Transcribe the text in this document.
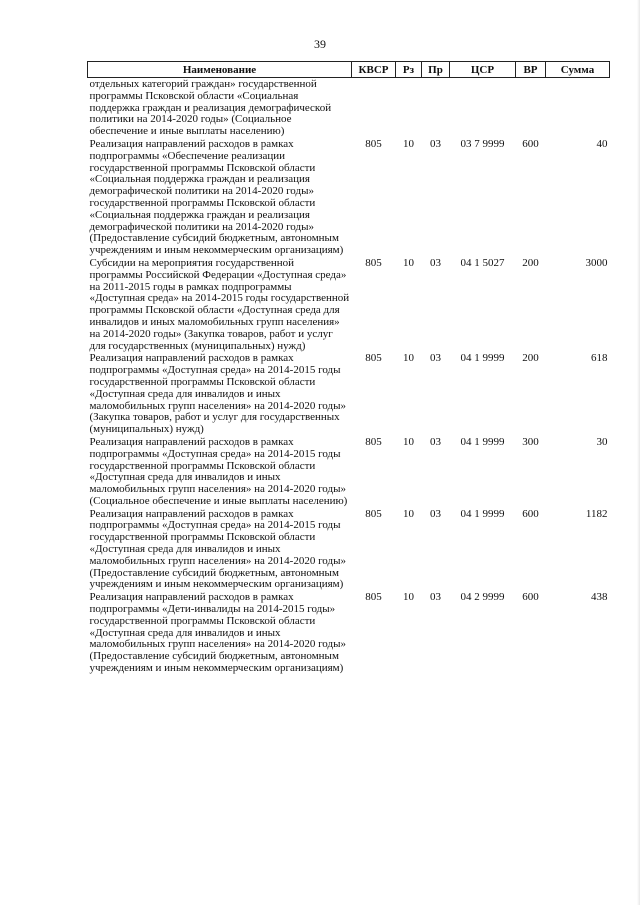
39
Наименование	КВСР	Рз	Пр	ЦСР	ВР	Сумма
отдельных категорий граждан» государственной программы Псковской области «Социальная поддержка граждан и реализация демографической политики на 2014-2020 годы» (Социальное обеспечение и иные выплаты населению)						
Реализация направлений расходов в рамках подпрограммы «Обеспечение реализации государственной программы Псковской области «Социальная поддержка граждан и реализация демографической политики на 2014-2020 годы» государственной программы Псковской области «Социальная поддержка граждан и реализация демографической политики на 2014-2020 годы» (Предоставление субсидий бюджетным, автономным учреждениям и иным некоммерческим организациям)	805	10	03	03 7 9999	600	40
Субсидии на мероприятия государственной программы Российской Федерации «Доступная среда» на 2011-2015 годы в рамках подпрограммы «Доступная среда» на 2014-2015 годы государственной программы Псковской области «Доступная среда для инвалидов и иных маломобильных групп населения» на 2014-2020 годы» (Закупка товаров, работ и услуг для государственных (муниципальных) нужд)	805	10	03	04 1 5027	200	3000
Реализация направлений расходов в рамках подпрограммы «Доступная среда» на 2014-2015 годы государственной программы Псковской области «Доступная среда для инвалидов и иных маломобильных групп населения» на 2014-2020 годы» (Закупка товаров, работ и услуг для государственных (муниципальных) нужд)	805	10	03	04 1 9999	200	618
Реализация направлений расходов в рамках подпрограммы «Доступная среда» на 2014-2015 годы государственной программы Псковской области «Доступная среда для инвалидов и иных маломобильных групп населения» на 2014-2020 годы» (Социальное обеспечение и иные выплаты населению)	805	10	03	04 1 9999	300	30
Реализация направлений расходов в рамках подпрограммы «Доступная среда» на 2014-2015 годы государственной программы Псковской области «Доступная среда для инвалидов и иных маломобильных групп населения» на 2014-2020 годы» (Предоставление субсидий бюджетным, автономным учреждениям и иным некоммерческим организациям)	805	10	03	04 1 9999	600	1182
Реализация направлений расходов в рамках подпрограммы «Дети-инвалиды на 2014-2015 годы» государственной программы Псковской области «Доступная среда для инвалидов и иных маломобильных групп населения» на 2014-2020 годы» (Предоставление субсидий бюджетным, автономным учреждениям и иным некоммерческим организациям)	805	10	03	04 2 9999	600	438
